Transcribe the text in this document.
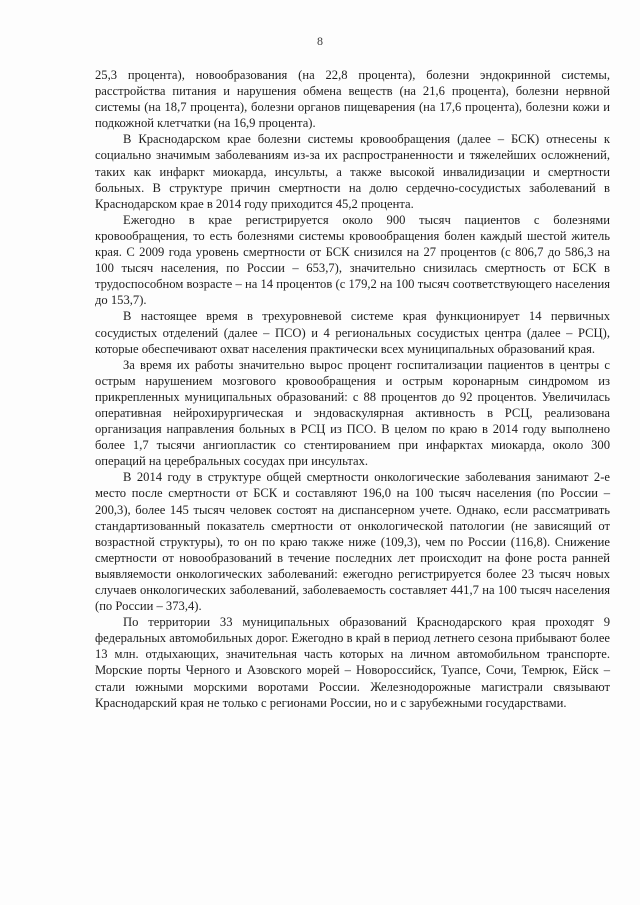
8

25,3 процента), новообразования (на 22,8 процента), болезни эндокринной системы, расстройства питания и нарушения обмена веществ (на 21,6 процента), болезни нервной системы (на 18,7 процента), болезни органов пищеварения (на 17,6 процента), болезни кожи и подкожной клетчатки (на 16,9 процента).

В Краснодарском крае болезни системы кровообращения (далее – БСК) отнесены к социально значимым заболеваниям из-за их распространенности и тяжелейших осложнений, таких как инфаркт миокарда, инсульты, а также высокой инвалидизации и смертности больных. В структуре причин смертности на долю сердечно-сосудистых заболеваний в Краснодарском крае в 2014 году приходится 45,2 процента.

Ежегодно в крае регистрируется около 900 тысяч пациентов с болезнями кровообращения, то есть болезнями системы кровообращения болен каждый шестой житель края. С 2009 года уровень смертности от БСК снизился на 27 процентов (с 806,7 до 586,3 на 100 тысяч населения, по России – 653,7), значительно снизилась смертность от БСК в трудоспособном возрасте – на 14 процентов (с 179,2 на 100 тысяч соответствующего населения до 153,7).

В настоящее время в трехуровневой системе края функционирует 14 первичных сосудистых отделений (далее – ПСО) и 4 региональных сосудистых центра (далее – РСЦ), которые обеспечивают охват населения практически всех муниципальных образований края.

За время их работы значительно вырос процент госпитализации пациентов в центры с острым нарушением мозгового кровообращения и острым коронарным синдромом из прикрепленных муниципальных образований: с 88 процентов до 92 процентов. Увеличилась оперативная нейрохирургическая и эндоваскулярная активность в РСЦ, реализована организация направления больных в РСЦ из ПСО. В целом по краю в 2014 году выполнено более 1,7 тысячи ангиопластик со стентированием при инфарктах миокарда, около 300 операций на церебральных сосудах при инсультах.

В 2014 году в структуре общей смертности онкологические заболевания занимают 2-е место после смертности от БСК и составляют 196,0 на 100 тысяч населения (по России – 200,3), более 145 тысяч человек состоят на диспансерном учете. Однако, если рассматривать стандартизованный показатель смертности от онкологической патологии (не зависящий от возрастной структуры), то он по краю также ниже (109,3), чем по России (116,8). Снижение смертности от новообразований в течение последних лет происходит на фоне роста ранней выявляемости онкологических заболеваний: ежегодно регистрируется более 23 тысяч новых случаев онкологических заболеваний, заболеваемость составляет 441,7 на 100 тысяч населения (по России – 373,4).

По территории 33 муниципальных образований Краснодарского края проходят 9 федеральных автомобильных дорог. Ежегодно в край в период летнего сезона прибывают более 13 млн. отдыхающих, значительная часть которых на личном автомобильном транспорте. Морские порты Черного и Азовского морей – Новороссийск, Туапсе, Сочи, Темрюк, Ейск – стали южными морскими воротами России. Железнодорожные магистрали связывают Краснодарский края не только с регионами России, но и с зарубежными государствами.
